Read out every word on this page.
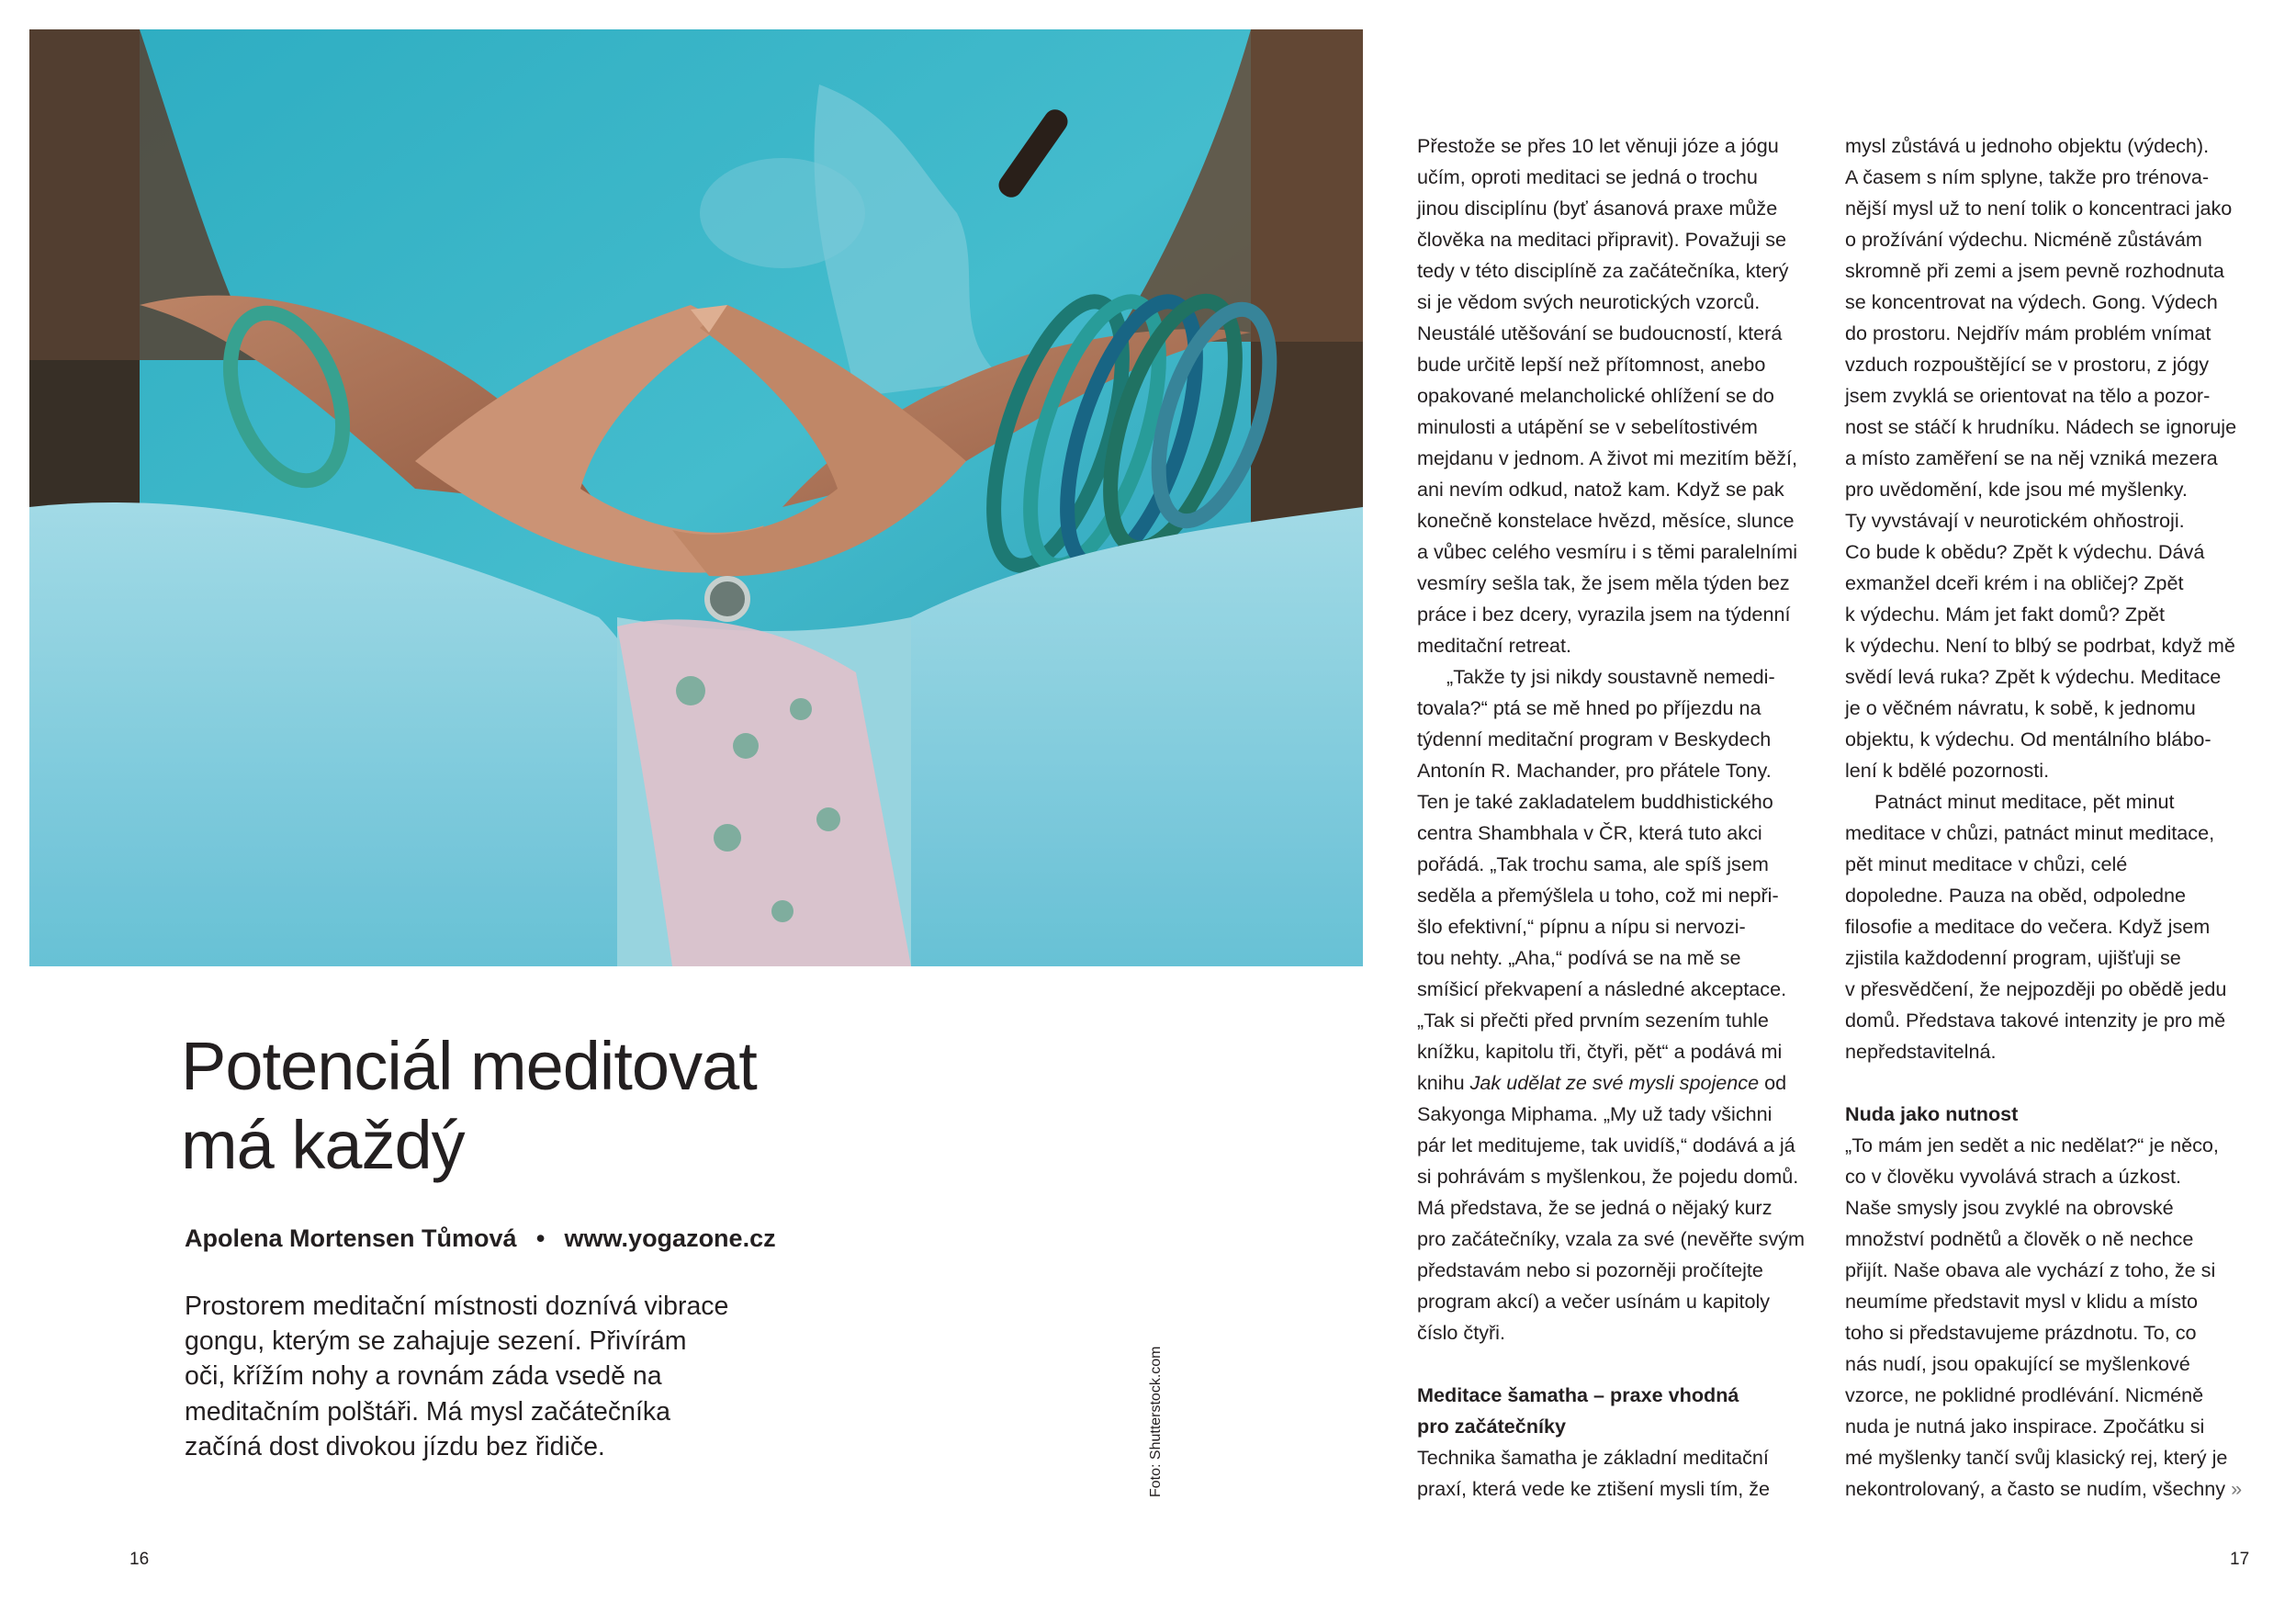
Potenciál meditovat
má každý

Apolena Mortensen Tůmová • www.yogazone.cz

Prostorem meditační místnosti doznívá vibrace
gongu, kterým se zahajuje sezení. Přivírám
oči, křížím nohy a rovnám záda vsedě na
meditačním polštáři. Má mysl začátečníka
začíná dost divokou jízdu bez řidiče.	Foto: Shutterstock.com
16	17
Přestože se přes 10 let věnuji józe a jógu
učím, oproti meditaci se jedná o trochu
jinou disciplínu (byť ásanová praxe může
člověka na meditaci připravit). Považuji se
tedy v této disciplíně za začátečníka, který
si je vědom svých neurotických vzorců.
Neustálé utěšování se budoucností, která
bude určitě lepší než přítomnost, anebo
opakované melancholické ohlížení se do
minulosti a utápění se v sebelítostivém
mejdanu v jednom. A život mi mezitím běží,
ani nevím odkud, natož kam. Když se pak
konečně konstelace hvězd, měsíce, slunce
a vůbec celého vesmíru i s těmi paralelními
vesmíry sešla tak, že jsem měla týden bez
práce i bez dcery, vyrazila jsem na týdenní
meditační retreat.
„Takže ty jsi nikdy soustavně nemedi-
tovala?“ ptá se mě hned po příjezdu na
týdenní meditační program v Beskydech
Antonín R. Machander, pro přátele Tony.
Ten je také zakladatelem buddhistického
centra Shambhala v ČR, která tuto akci
pořádá. „Tak trochu sama, ale spíš jsem
seděla a přemýšlela u toho, což mi nepři-
šlo efektivní,“ pípnu a nípu si nervozi-
tou nehty. „Aha,“ podívá se na mě se
smíšicí překvapení a následné akceptace.
„Tak si přečti před prvním sezením tuhle
knížku, kapitolu tři, čtyři, pět“ a podává mi
knihu Jak udělat ze své mysli spojence od
Sakyonga Miphama. „My už tady všichni
pár let meditujeme, tak uvidíš,“ dodává a já
si pohrávám s myšlenkou, že pojedu domů.
Má představa, že se jedná o nějaký kurz
pro začátečníky, vzala za své (nevěřte svým
představám nebo si pozorněji pročítejte
program akcí) a večer usínám u kapitoly
číslo čtyři.
Meditace šamatha – praxe vhodná
pro začátečníky
Technika šamatha je základní meditační
praxí, která vede ke ztišení mysli tím, že
mysl zůstává u jednoho objektu (výdech).
A časem s ním splyne, takže pro trénova-
nější mysl už to není tolik o koncentraci jako
o prožívání výdechu. Nicméně zůstávám
skromně při zemi a jsem pevně rozhodnuta
se koncentrovat na výdech. Gong. Výdech
do prostoru. Nejdřív mám problém vnímat
vzduch rozpouštějící se v prostoru, z jógy
jsem zvyklá se orientovat na tělo a pozor-
nost se stáčí k hrudníku. Nádech se ignoruje
a místo zaměření se na něj vzniká mezera
pro uvědomění, kde jsou mé myšlenky.
Ty vyvstávají v neurotickém ohňostroji.
Co bude k obědu? Zpět k výdechu. Dává
exmanžel dceři krém i na obličej? Zpět
k výdechu. Mám jet fakt domů? Zpět
k výdechu. Není to blbý se podrbat, když mě
svědí levá ruka? Zpět k výdechu. Meditace
je o věčném návratu, k sobě, k jednomu
objektu, k výdechu. Od mentálního blábo-
lení k bdělé pozornosti.
Patnáct minut meditace, pět minut
meditace v chůzi, patnáct minut meditace,
pět minut meditace v chůzi, celé
dopoledne. Pauza na oběd, odpoledne
filosofie a meditace do večera. Když jsem
zjistila každodenní program, ujišťuji se
v přesvědčení, že nejpozději po obědě jedu
domů. Představa takové intenzity je pro mě
nepředstavitelná.
Nuda jako nutnost
„To mám jen sedět a nic nedělat?“ je něco,
co v člověku vyvolává strach a úzkost.
Naše smysly jsou zvyklé na obrovské
množství podnětů a člověk o ně nechce
přijít. Naše obava ale vychází z toho, že si
neumíme představit mysl v klidu a místo
toho si představujeme prázdnotu. To, co
nás nudí, jsou opakující se myšlenkové
vzorce, ne poklidné prodlévání. Nicméně
nuda je nutná jako inspirace. Zpočátku si
mé myšlenky tančí svůj klasický rej, který je
nekontrolovaný, a často se nudím, všechny »
